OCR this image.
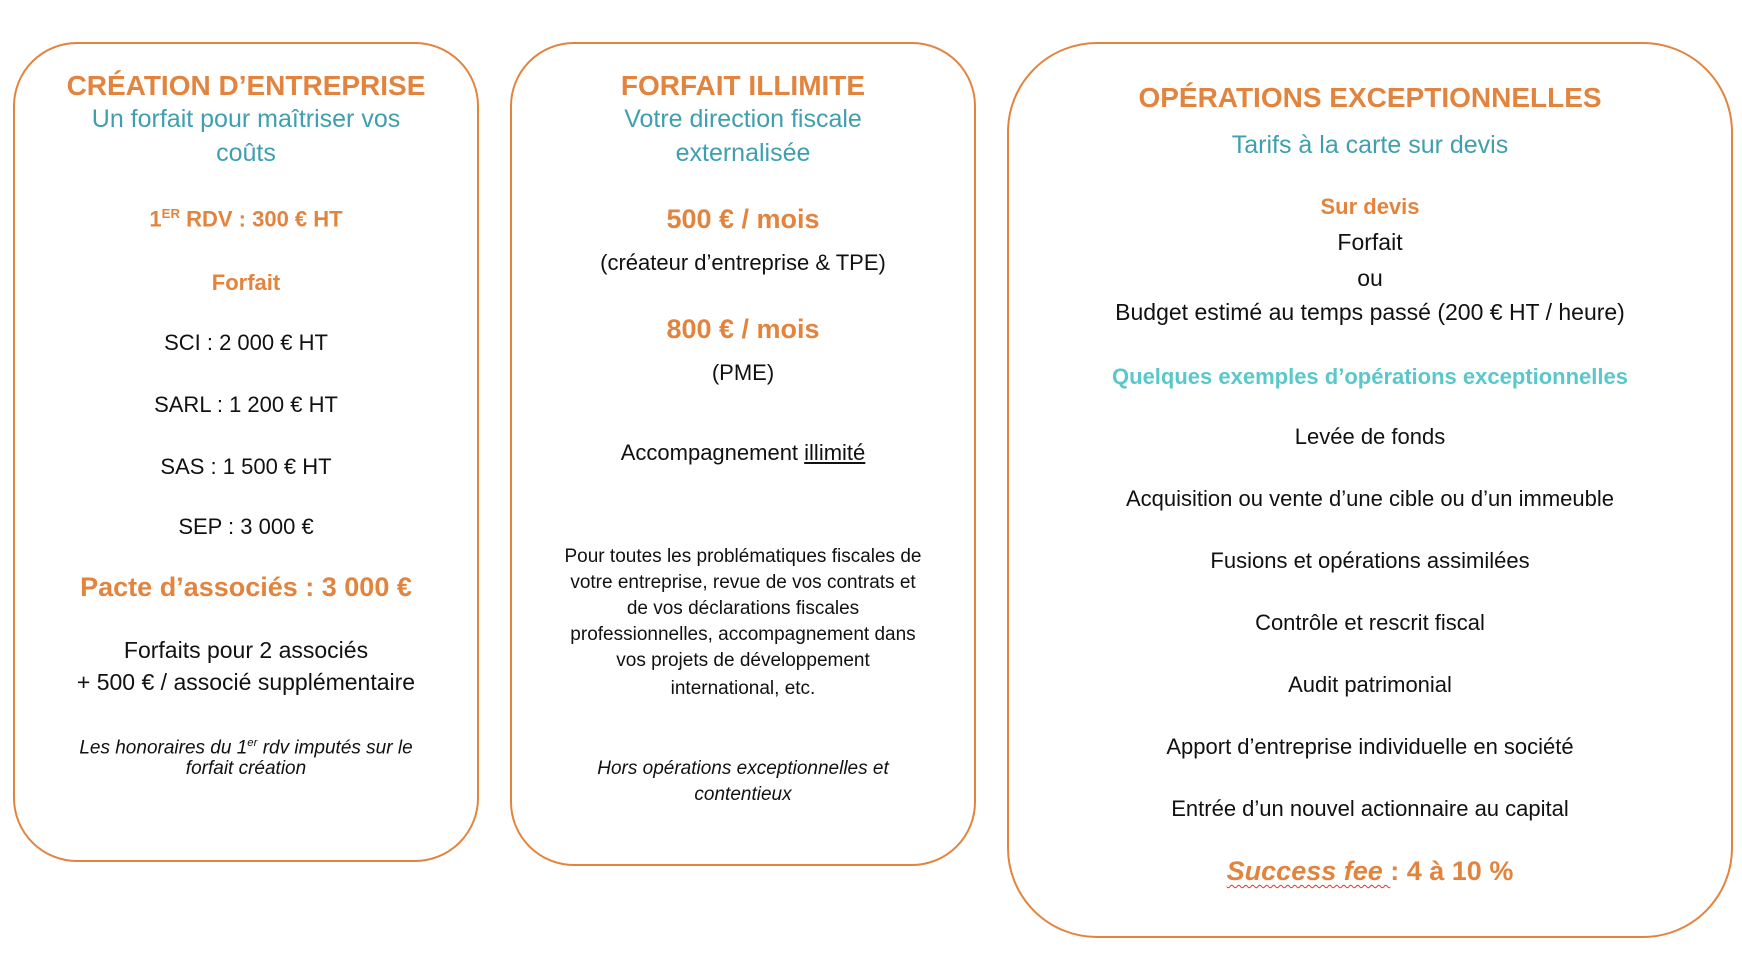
CRÉATION D’ENTREPRISE

Un forfait pour maîtriser vos

coûts

1ER RDV : 300 € HT

Forfait

SCI : 2 000 € HT

SARL : 1 200 € HT

SAS : 1 500 € HT

SEP : 3 000 €

Pacte d’associés : 3 000 €

Forfaits pour 2 associés

+ 500 € / associé supplémentaire

Les honoraires du 1er rdv imputés sur le

forfait création

FORFAIT ILLIMITE

Votre direction fiscale

externalisée

500 € / mois

(créateur d’entreprise & TPE)

800 € / mois

(PME)

Accompagnement illimité

Pour toutes les problématiques fiscales de

votre entreprise, revue de vos contrats et

de vos déclarations fiscales

professionnelles, accompagnement dans

vos projets de développement

international, etc.

Hors opérations exceptionnelles et

contentieux

OPÉRATIONS EXCEPTIONNELLES

Tarifs à la carte sur devis

Sur devis

Forfait

ou

Budget estimé au temps passé (200 € HT / heure)

Quelques exemples d’opérations exceptionnelles

Levée de fonds

Acquisition ou vente d’une cible ou d’un immeuble

Fusions et opérations assimilées

Contrôle et rescrit fiscal

Audit patrimonial

Apport d’entreprise individuelle en société

Entrée d’un nouvel actionnaire au capital

Success fee : 4 à 10 %
